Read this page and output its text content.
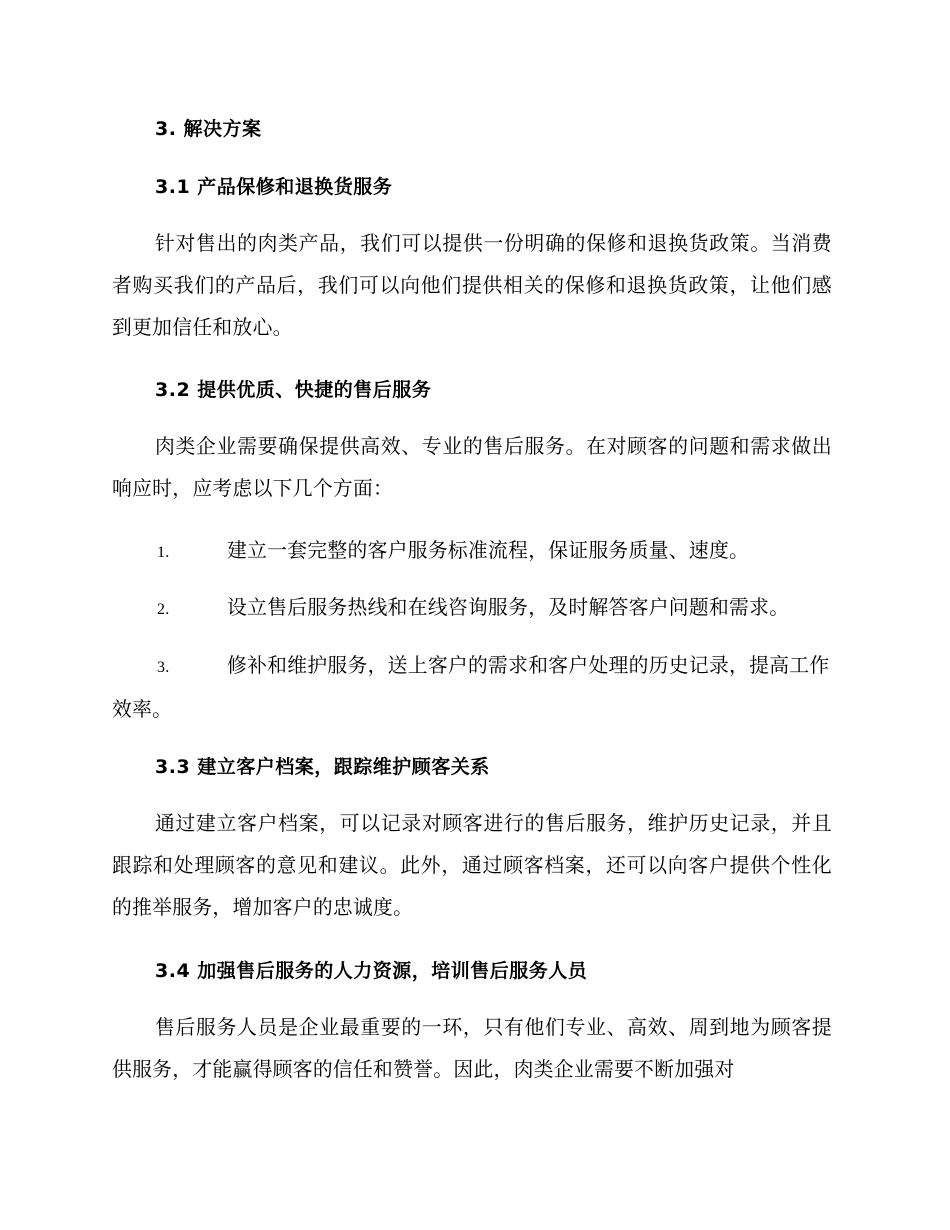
3. 解决方案
3.1 产品保修和退换货服务
针对售出的肉类产品，我们可以提供一份明确的保修和退换货政策。当消费者购买我们的产品后，我们可以向他们提供相关的保修和退换货政策，让他们感到更加信任和放心。
3.2 提供优质、快捷的售后服务
肉类企业需要确保提供高效、专业的售后服务。在对顾客的问题和需求做出响应时，应考虑以下几个方面：
1.	建立一套完整的客户服务标准流程，保证服务质量、速度。
2.	设立售后服务热线和在线咨询服务，及时解答客户问题和需求。
3.	修补和维护服务，送上客户的需求和客户处理的历史记录，提高工作效率。
3.3 建立客户档案，跟踪维护顾客关系
通过建立客户档案，可以记录对顾客进行的售后服务，维护历史记录，并且跟踪和处理顾客的意见和建议。此外，通过顾客档案，还可以向客户提供个性化的推举服务，增加客户的忠诚度。
3.4 加强售后服务的人力资源，培训售后服务人员
售后服务人员是企业最重要的一环，只有他们专业、高效、周到地为顾客提供服务，才能赢得顾客的信任和赞誉。因此，肉类企业需要不断加强对
